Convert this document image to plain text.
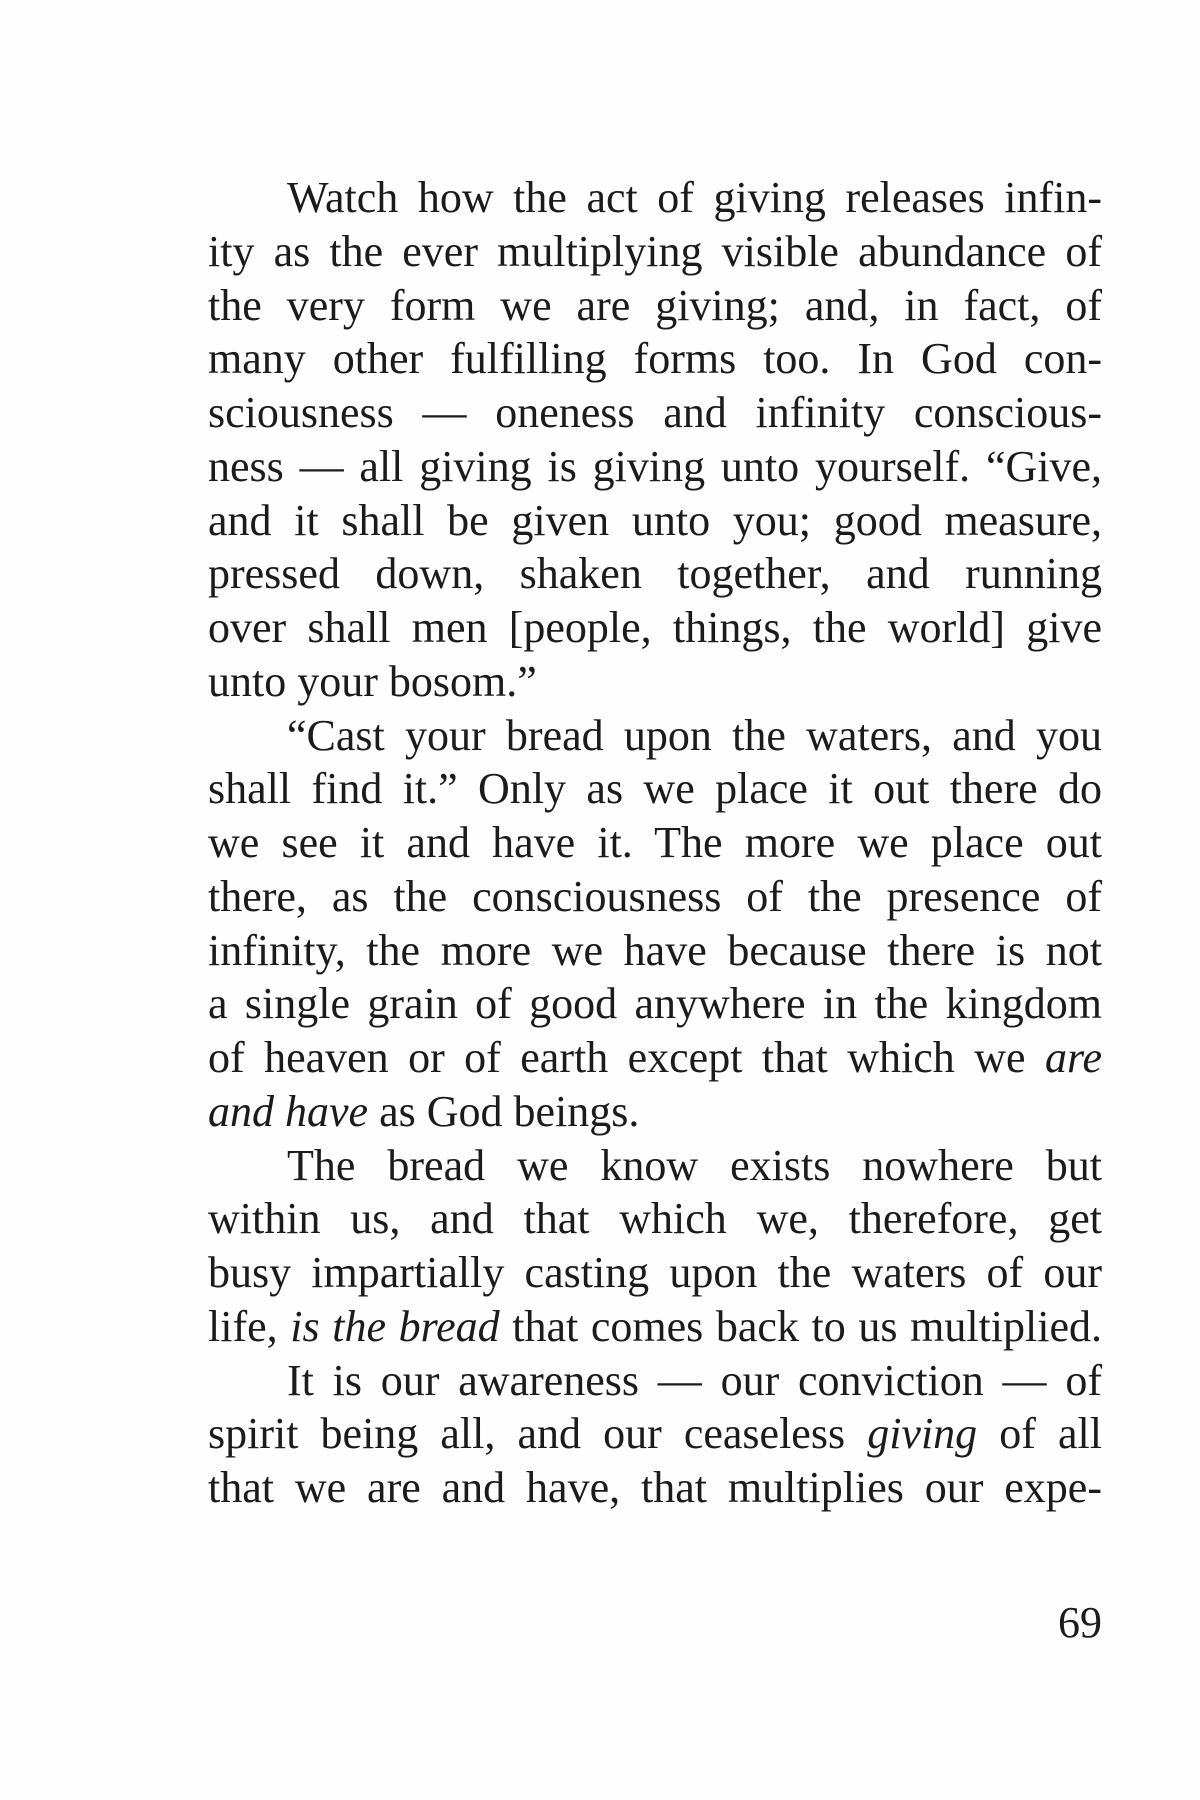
Watch how the act of giving releases infin-
ity as the ever multiplying visible abundance of
the very form we are giving; and, in fact, of
many other fulfilling forms too. In God con-
sciousness — oneness and infinity conscious-
ness — all giving is giving unto yourself. “Give,
and it shall be given unto you; good measure,
pressed down, shaken together, and running
over shall men [people, things, the world] give
unto your bosom.”
“Cast your bread upon the waters, and you
shall find it.” Only as we place it out there do
we see it and have it. The more we place out
there, as the consciousness of the presence of
infinity, the more we have because there is not
a single grain of good anywhere in the kingdom
of heaven or of earth except that which we are
and have as God beings.
The bread we know exists nowhere but
within us, and that which we, therefore, get
busy impartially casting upon the waters of our
life, is the bread that comes back to us multiplied.
It is our awareness — our conviction — of
spirit being all, and our ceaseless giving of all
that we are and have, that multiplies our expe-
69
